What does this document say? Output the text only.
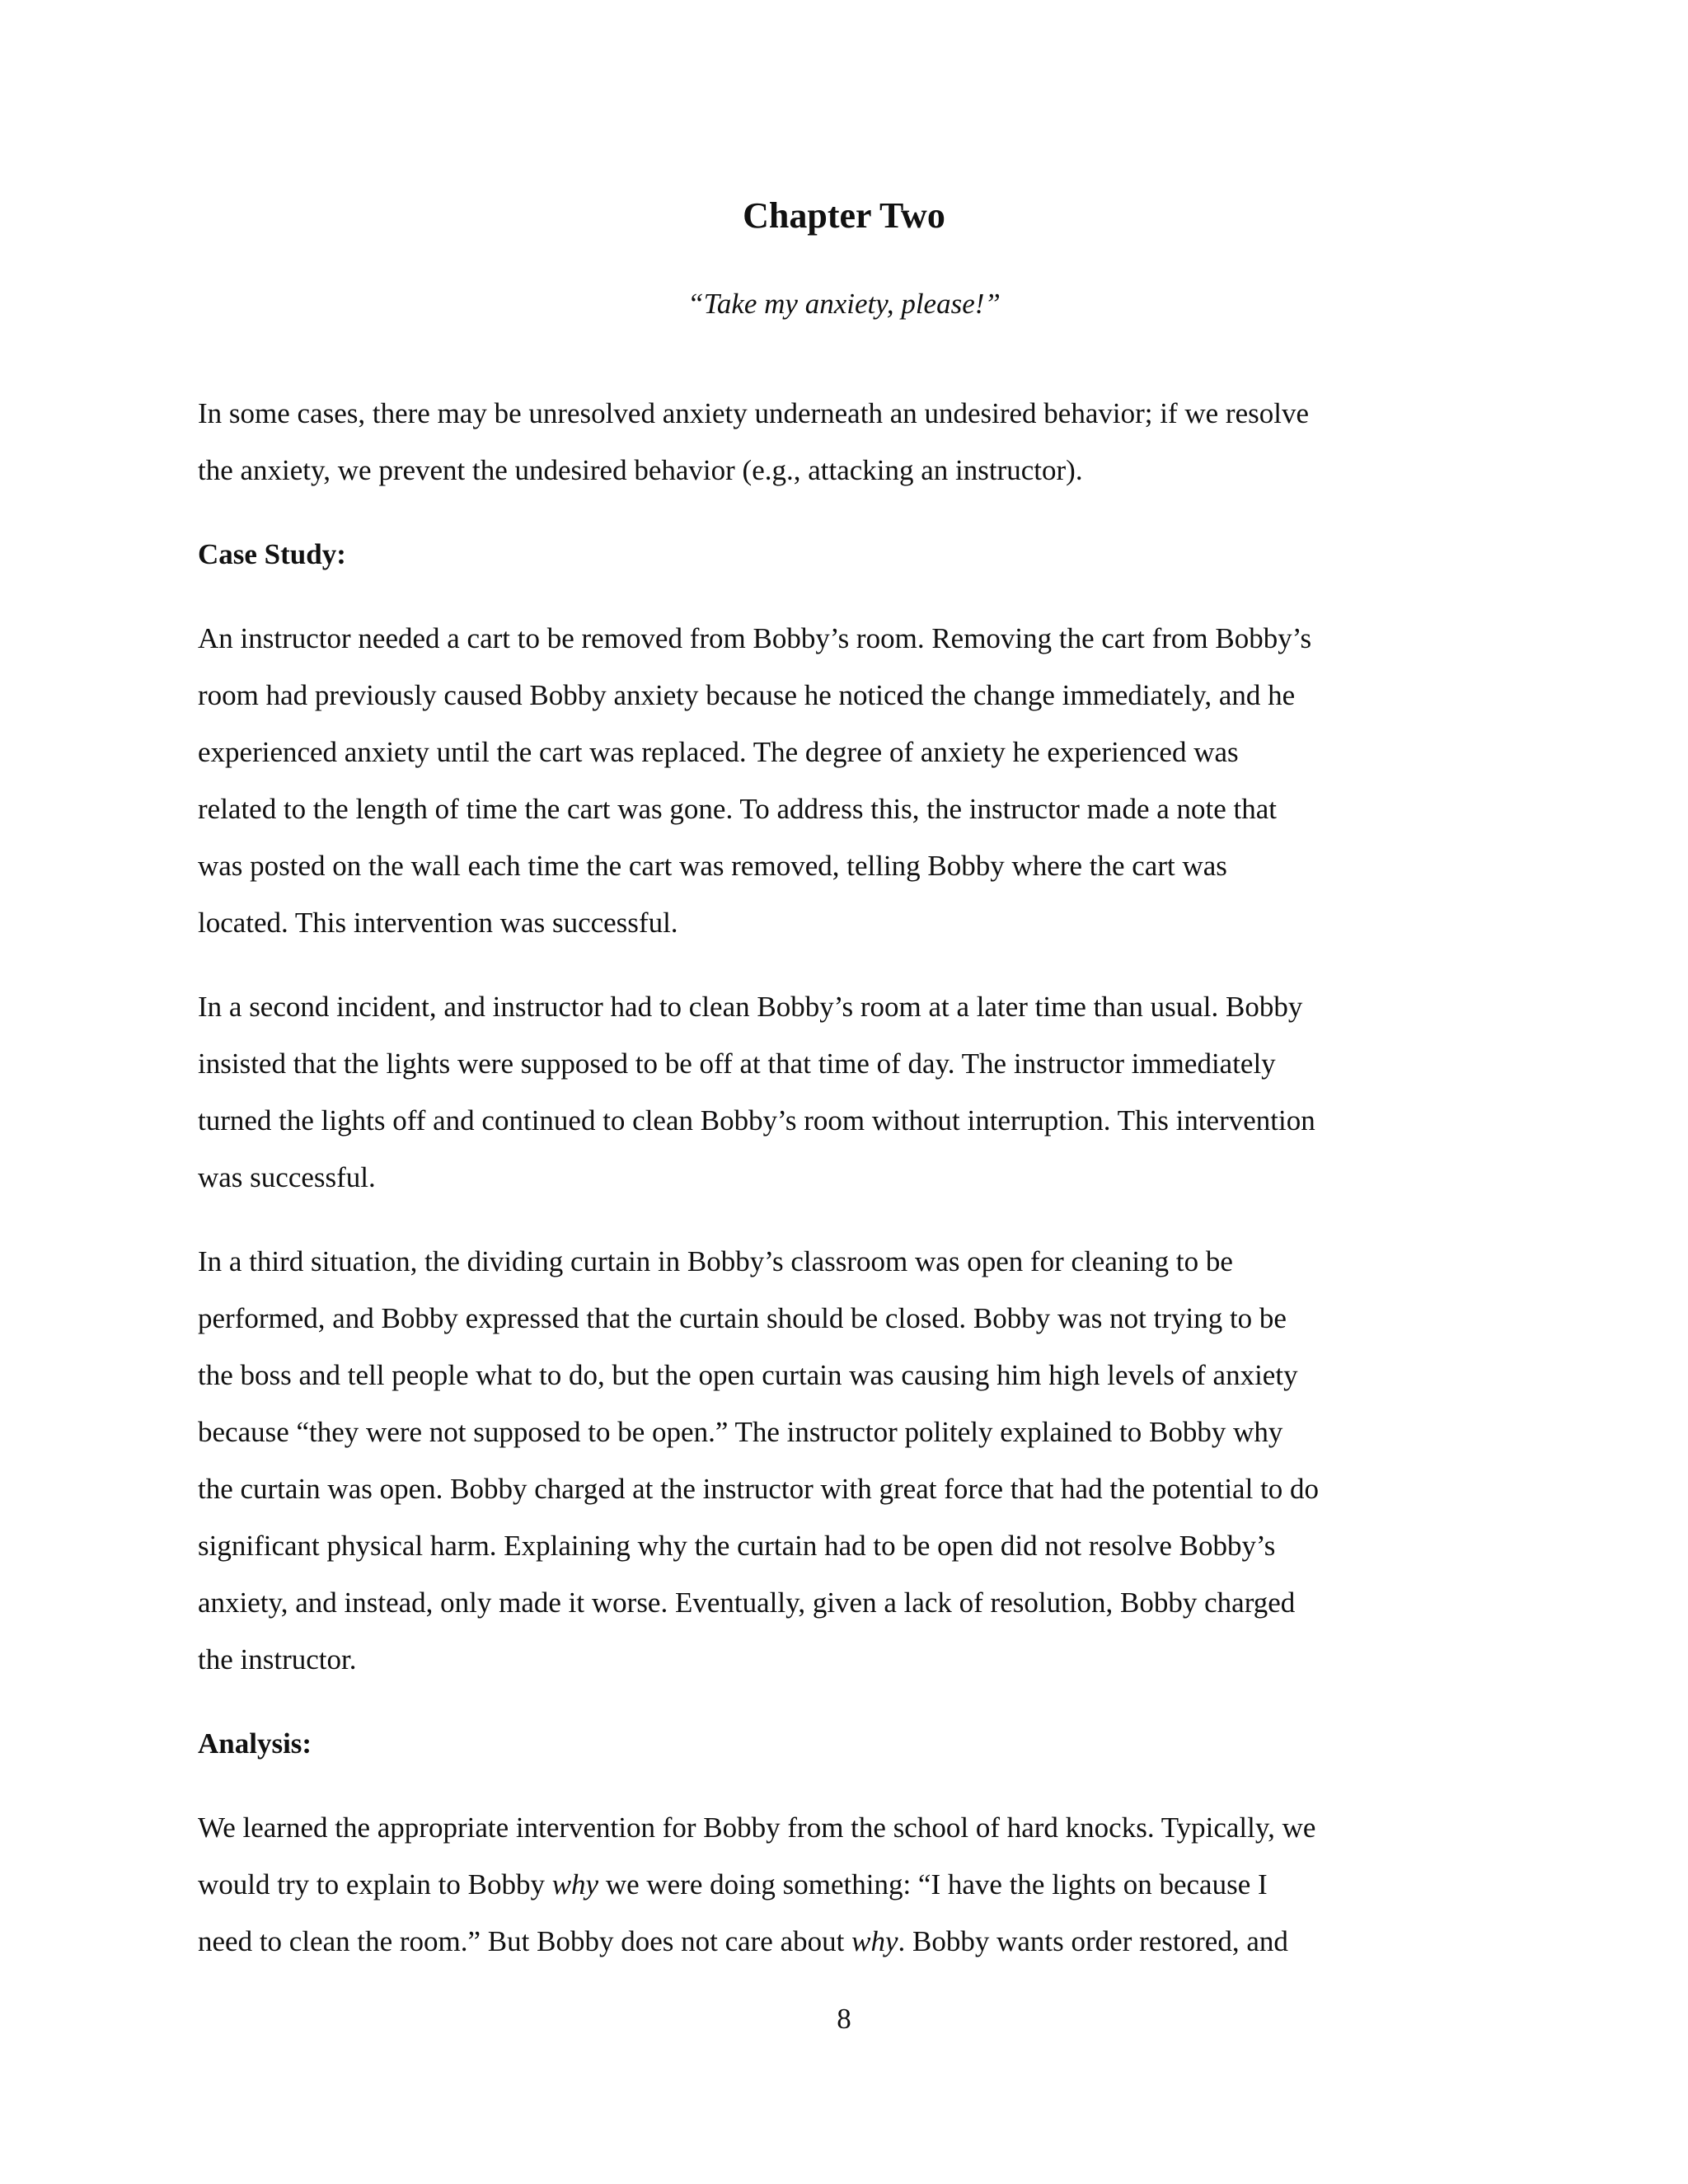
Chapter Two
“Take my anxiety, please!”
In some cases, there may be unresolved anxiety underneath an undesired behavior; if we resolve
the anxiety, we prevent the undesired behavior (e.g., attacking an instructor).
Case Study:
An instructor needed a cart to be removed from Bobby’s room. Removing the cart from Bobby’s
room had previously caused Bobby anxiety because he noticed the change immediately, and he
experienced anxiety until the cart was replaced. The degree of anxiety he experienced was
related to the length of time the cart was gone. To address this, the instructor made a note that
was posted on the wall each time the cart was removed, telling Bobby where the cart was
located. This intervention was successful.
In a second incident, and instructor had to clean Bobby’s room at a later time than usual. Bobby
insisted that the lights were supposed to be off at that time of day. The instructor immediately
turned the lights off and continued to clean Bobby’s room without interruption. This intervention
was successful.
In a third situation, the dividing curtain in Bobby’s classroom was open for cleaning to be
performed, and Bobby expressed that the curtain should be closed. Bobby was not trying to be
the boss and tell people what to do, but the open curtain was causing him high levels of anxiety
because “they were not supposed to be open.” The instructor politely explained to Bobby why
the curtain was open. Bobby charged at the instructor with great force that had the potential to do
significant physical harm. Explaining why the curtain had to be open did not resolve Bobby’s
anxiety, and instead, only made it worse. Eventually, given a lack of resolution, Bobby charged
the instructor.
Analysis:
We learned the appropriate intervention for Bobby from the school of hard knocks. Typically, we
would try to explain to Bobby why we were doing something: “I have the lights on because I
need to clean the room.” But Bobby does not care about why. Bobby wants order restored, and
8
